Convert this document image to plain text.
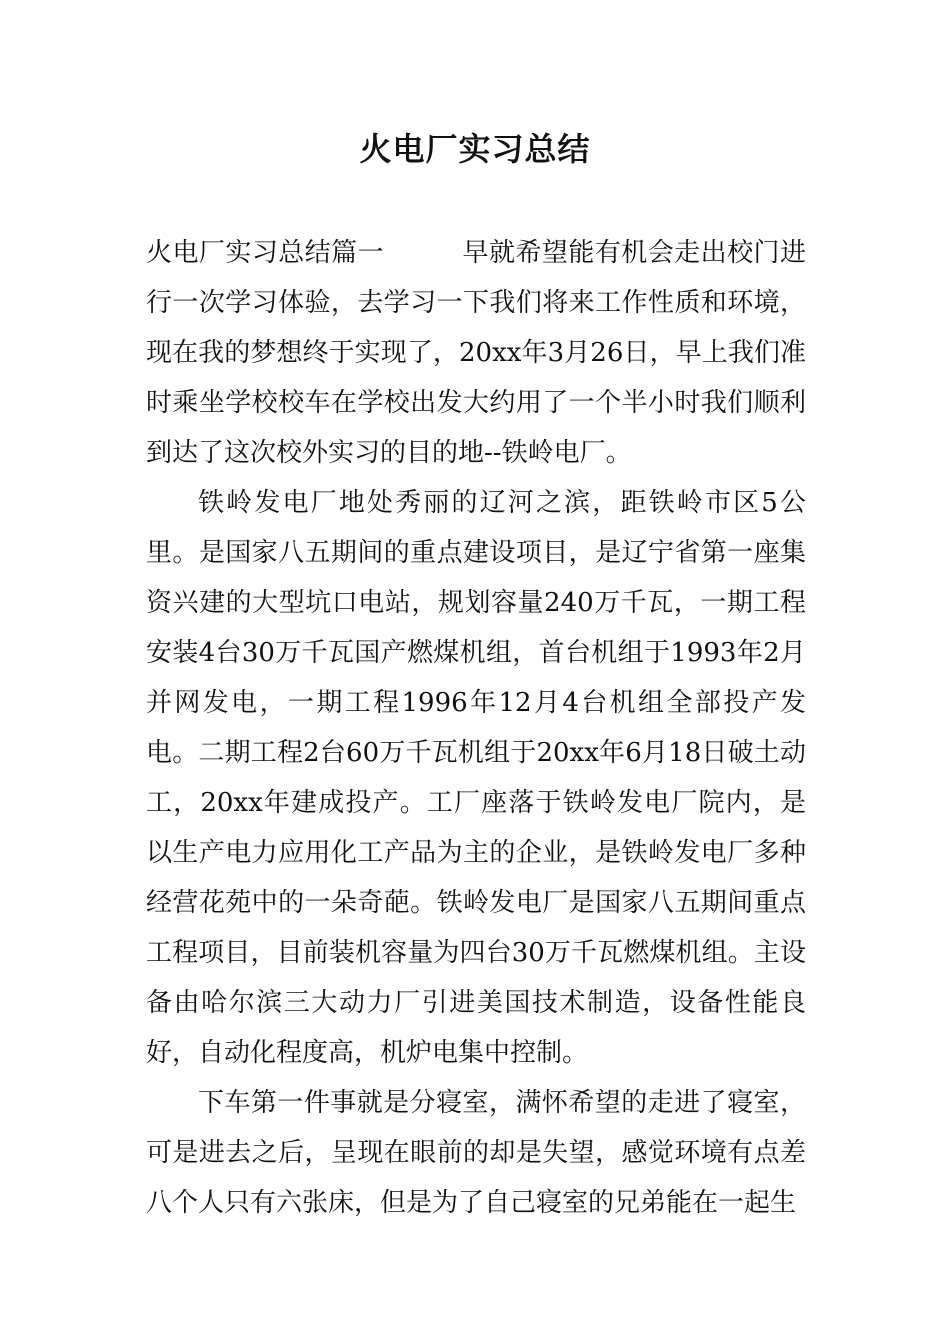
火电厂实习总结

火电厂实习总结篇一	早就希望能有机会走出校门进行一次学习体验，去学习一下我们将来工作性质和环境，现在我的梦想终于实现了，20xx年3月26日，早上我们准时乘坐学校校车在学校出发大约用了一个半小时我们顺利到达了这次校外实习的目的地--铁岭电厂。

铁岭发电厂地处秀丽的辽河之滨，距铁岭市区5公里。是国家八五期间的重点建设项目，是辽宁省第一座集资兴建的大型坑口电站，规划容量240万千瓦，一期工程安装4台30万千瓦国产燃煤机组，首台机组于1993年2月并网发电，一期工程1996年12月4台机组全部投产发电。二期工程2台60万千瓦机组于20xx年6月18日破土动工，20xx年建成投产。工厂座落于铁岭发电厂院内，是以生产电力应用化工产品为主的企业，是铁岭发电厂多种经营花苑中的一朵奇葩。铁岭发电厂是国家八五期间重点工程项目，目前装机容量为四台30万千瓦燃煤机组。主设备由哈尔滨三大动力厂引进美国技术制造，设备性能良好，自动化程度高，机炉电集中控制。

下车第一件事就是分寝室，满怀希望的走进了寝室，可是进去之后，呈现在眼前的却是失望，感觉环境有点差八个人只有六张床，但是为了自己寝室的兄弟能在一起生
